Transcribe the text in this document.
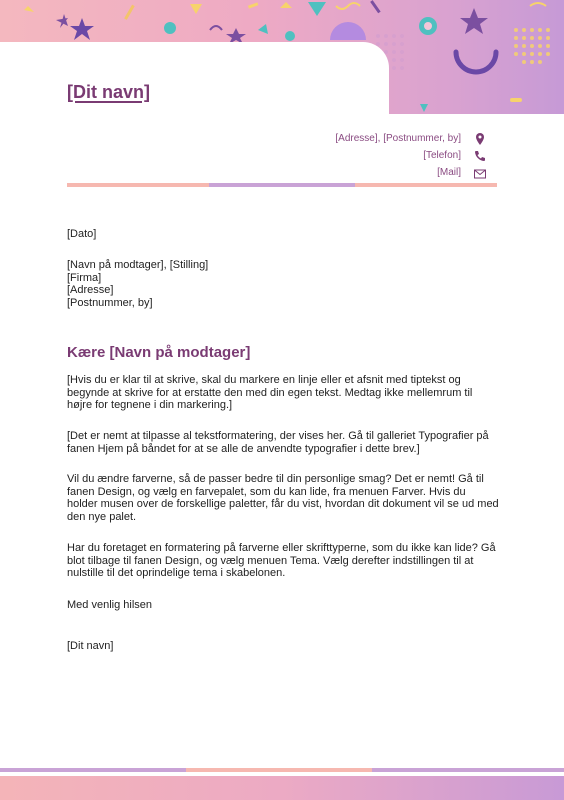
[Dit navn]
[Adresse], [Postnummer, by]
[Telefon]
[Mail]
[Dato]
[Navn på modtager], [Stilling]
[Firma]
[Adresse]
[Postnummer, by]
Kære [Navn på modtager]

[Hvis du er klar til at skrive, skal du markere en linje eller et afsnit med tiptekst og begynde at skrive for at erstatte den med din egen tekst. Medtag ikke mellemrum til højre for tegnene i din markering.]

[Det er nemt at tilpasse al tekstformatering, der vises her. Gå til galleriet Typografier på fanen Hjem på båndet for at se alle de anvendte typografier i dette brev.]

Vil du ændre farverne, så de passer bedre til din personlige smag? Det er nemt! Gå til fanen Design, og vælg en farvepalet, som du kan lide, fra menuen Farver. Hvis du holder musen over de forskellige paletter, får du vist, hvordan dit dokument vil se ud med den nye palet.

Har du foretaget en formatering på farverne eller skrifttyperne, som du ikke kan lide? Gå blot tilbage til fanen Design, og vælg menuen Tema. Vælg derefter indstillingen til at nulstille til det oprindelige tema i skabelonen.

Med venlig hilsen
[Dit navn]
